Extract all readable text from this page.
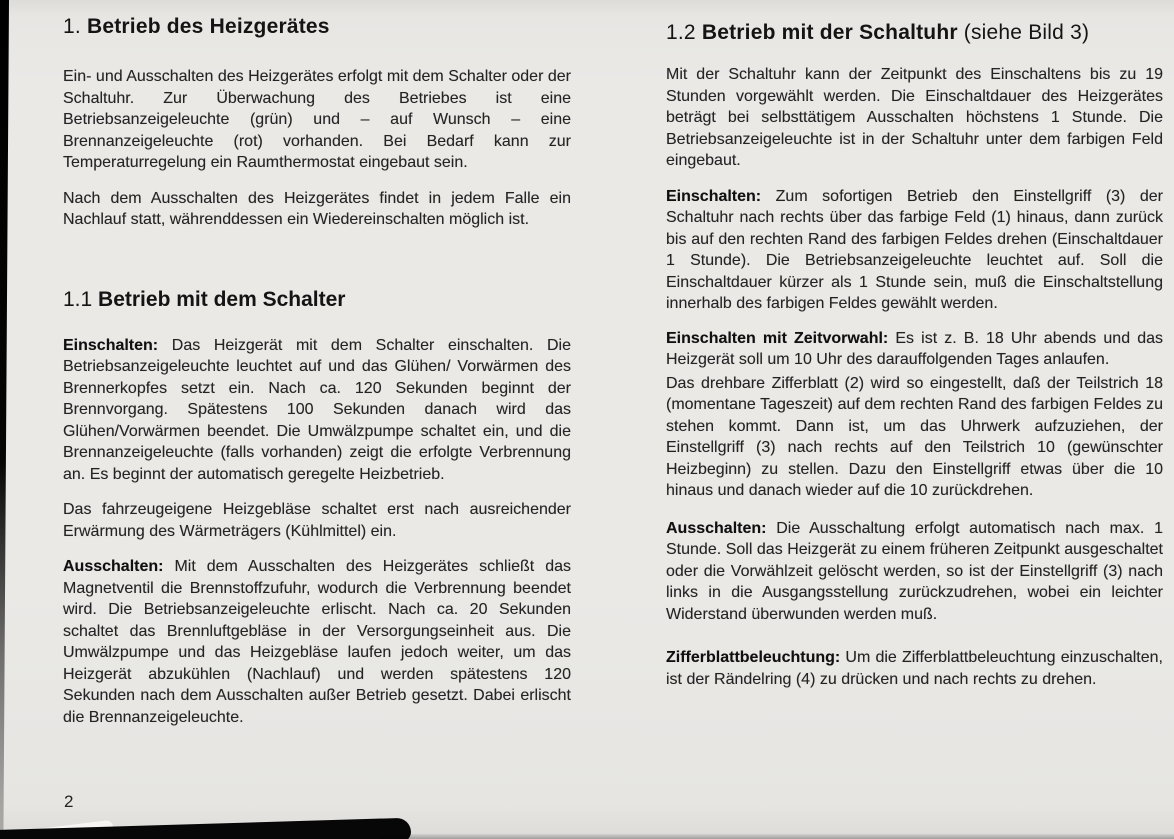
1. Betrieb des Heizgerätes

Ein- und Ausschalten des Heizgerätes erfolgt mit dem Schalter oder der Schaltuhr. Zur Überwachung des Betriebes ist eine Betriebsanzeigeleuchte (grün) und – auf Wunsch – eine Brennanzeigeleuchte (rot) vorhanden. Bei Bedarf kann zur Temperaturregelung ein Raumthermostat eingebaut sein.

Nach dem Ausschalten des Heizgerätes findet in jedem Falle ein Nachlauf statt, währenddessen ein Wiedereinschalten möglich ist.

1.1 Betrieb mit dem Schalter

Einschalten: Das Heizgerät mit dem Schalter einschalten. Die Betriebsanzeigeleuchte leuchtet auf und das Glühen/ Vorwärmen des Brennerkopfes setzt ein. Nach ca. 120 Sekunden beginnt der Brennvorgang. Spätestens 100 Sekunden danach wird das Glühen/Vorwärmen beendet. Die Umwälzpumpe schaltet ein, und die Brennanzeigeleuchte (falls vorhanden) zeigt die erfolgte Verbrennung an. Es beginnt der automatisch geregelte Heizbetrieb.

Das fahrzeugeigene Heizgebläse schaltet erst nach ausreichender Erwärmung des Wärmeträgers (Kühlmittel) ein.

Ausschalten: Mit dem Ausschalten des Heizgerätes schließt das Magnetventil die Brennstoffzufuhr, wodurch die Verbrennung beendet wird. Die Betriebsanzeigeleuchte erlischt. Nach ca. 20 Sekunden schaltet das Brennluftgebläse in der Versorgungseinheit aus. Die Umwälzpumpe und das Heizgebläse laufen jedoch weiter, um das Heizgerät abzukühlen (Nachlauf) und werden spätestens 120 Sekunden nach dem Ausschalten außer Betrieb gesetzt. Dabei erlischt die Brennanzeigeleuchte.

1.2 Betrieb mit der Schaltuhr (siehe Bild 3)

Mit der Schaltuhr kann der Zeitpunkt des Einschaltens bis zu 19 Stunden vorgewählt werden. Die Einschaltdauer des Heizgerätes beträgt bei selbsttätigem Ausschalten höchstens 1 Stunde. Die Betriebsanzeigeleuchte ist in der Schaltuhr unter dem farbigen Feld eingebaut.

Einschalten: Zum sofortigen Betrieb den Einstellgriff (3) der Schaltuhr nach rechts über das farbige Feld (1) hinaus, dann zurück bis auf den rechten Rand des farbigen Feldes drehen (Einschaltdauer 1 Stunde). Die Betriebsanzeigeleuchte leuchtet auf. Soll die Einschaltdauer kürzer als 1 Stunde sein, muß die Einschaltstellung innerhalb des farbigen Feldes gewählt werden.

Einschalten mit Zeitvorwahl: Es ist z. B. 18 Uhr abends und das Heizgerät soll um 10 Uhr des darauffolgenden Tages anlaufen.

Das drehbare Zifferblatt (2) wird so eingestellt, daß der Teilstrich 18 (momentane Tageszeit) auf dem rechten Rand des farbigen Feldes zu stehen kommt. Dann ist, um das Uhrwerk aufzuziehen, der Einstellgriff (3) nach rechts auf den Teilstrich 10 (gewünschter Heizbeginn) zu stellen. Dazu den Einstellgriff etwas über die 10 hinaus und danach wieder auf die 10 zurückdrehen.

Ausschalten: Die Ausschaltung erfolgt automatisch nach max. 1 Stunde. Soll das Heizgerät zu einem früheren Zeitpunkt ausgeschaltet oder die Vorwählzeit gelöscht werden, so ist der Einstellgriff (3) nach links in die Ausgangsstellung zurückzudrehen, wobei ein leichter Widerstand überwunden werden muß.

Zifferblattbeleuchtung: Um die Zifferblattbeleuchtung einzuschalten, ist der Rändelring (4) zu drücken und nach rechts zu drehen.

2
